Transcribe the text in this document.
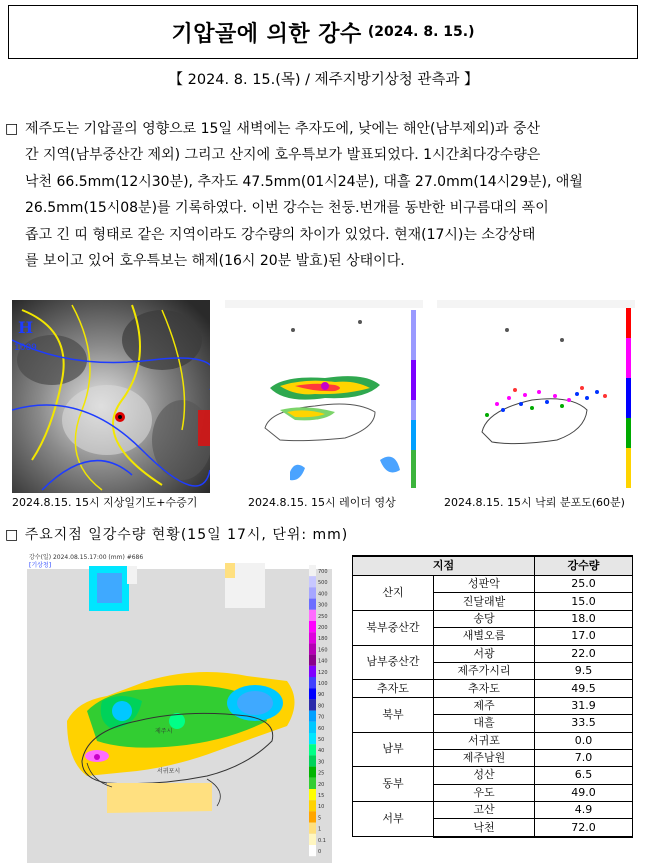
기압골에 의한 강수 (2024. 8. 15.)
【 2024. 8. 15.(목) / 제주지방기상청 관측과 】
□ 제주도는 기압골의 영향으로 15일 새벽에는 추자도에, 낮에는 해안(남부제외)과 중산
간 지역(남부중산간 제외) 그리고 산지에 호우특보가 발표되었다. 1시간최다강수량은
낙천 66.5mm(12시30분), 추자도 47.5mm(01시24분), 대흘 27.0mm(14시29분), 애월
26.5mm(15시08분)를 기록하였다. 이번 강수는 천둥.번개를 동반한 비구름대의 폭이
좁고 긴 띠 형태로 같은 지역이라도 강수량의 차이가 있었다. 현재(17시)는 소강상태
를 보이고 있어 호우특보는 해제(16시 20분 발효)된 상태이다.
H
1009
2024.8.15. 15시 지상일기도+수증기	2024.8.15. 15시 레이더 영상	2024.8.15. 15시 낙뢰 분포도(60분)
□ 주요지점 일강수량 현황(15일 17시, 단위: mm)
강수(일) 2024.08.15.17:00 (mm) #686
[기상청]
제주시
서귀포시
700
500
400
300
250
200
180
160
140
120
100
90
80
70
60
50
40
30
25
20
15
10
5
1
0.1
0
지점		강수량
산지	성판악	25.0
	진달래밭	15.0
북부중산간	송당	18.0
	새별오름	17.0
남부중산간	서광	22.0
	제주가시리	9.5
추자도	추자도	49.5
북부	제주	31.9
	대흘	33.5
남부	서귀포	0.0
	제주남원	7.0
동부	성산	6.5
	우도	49.0
서부	고산	4.9
	낙천	72.0
